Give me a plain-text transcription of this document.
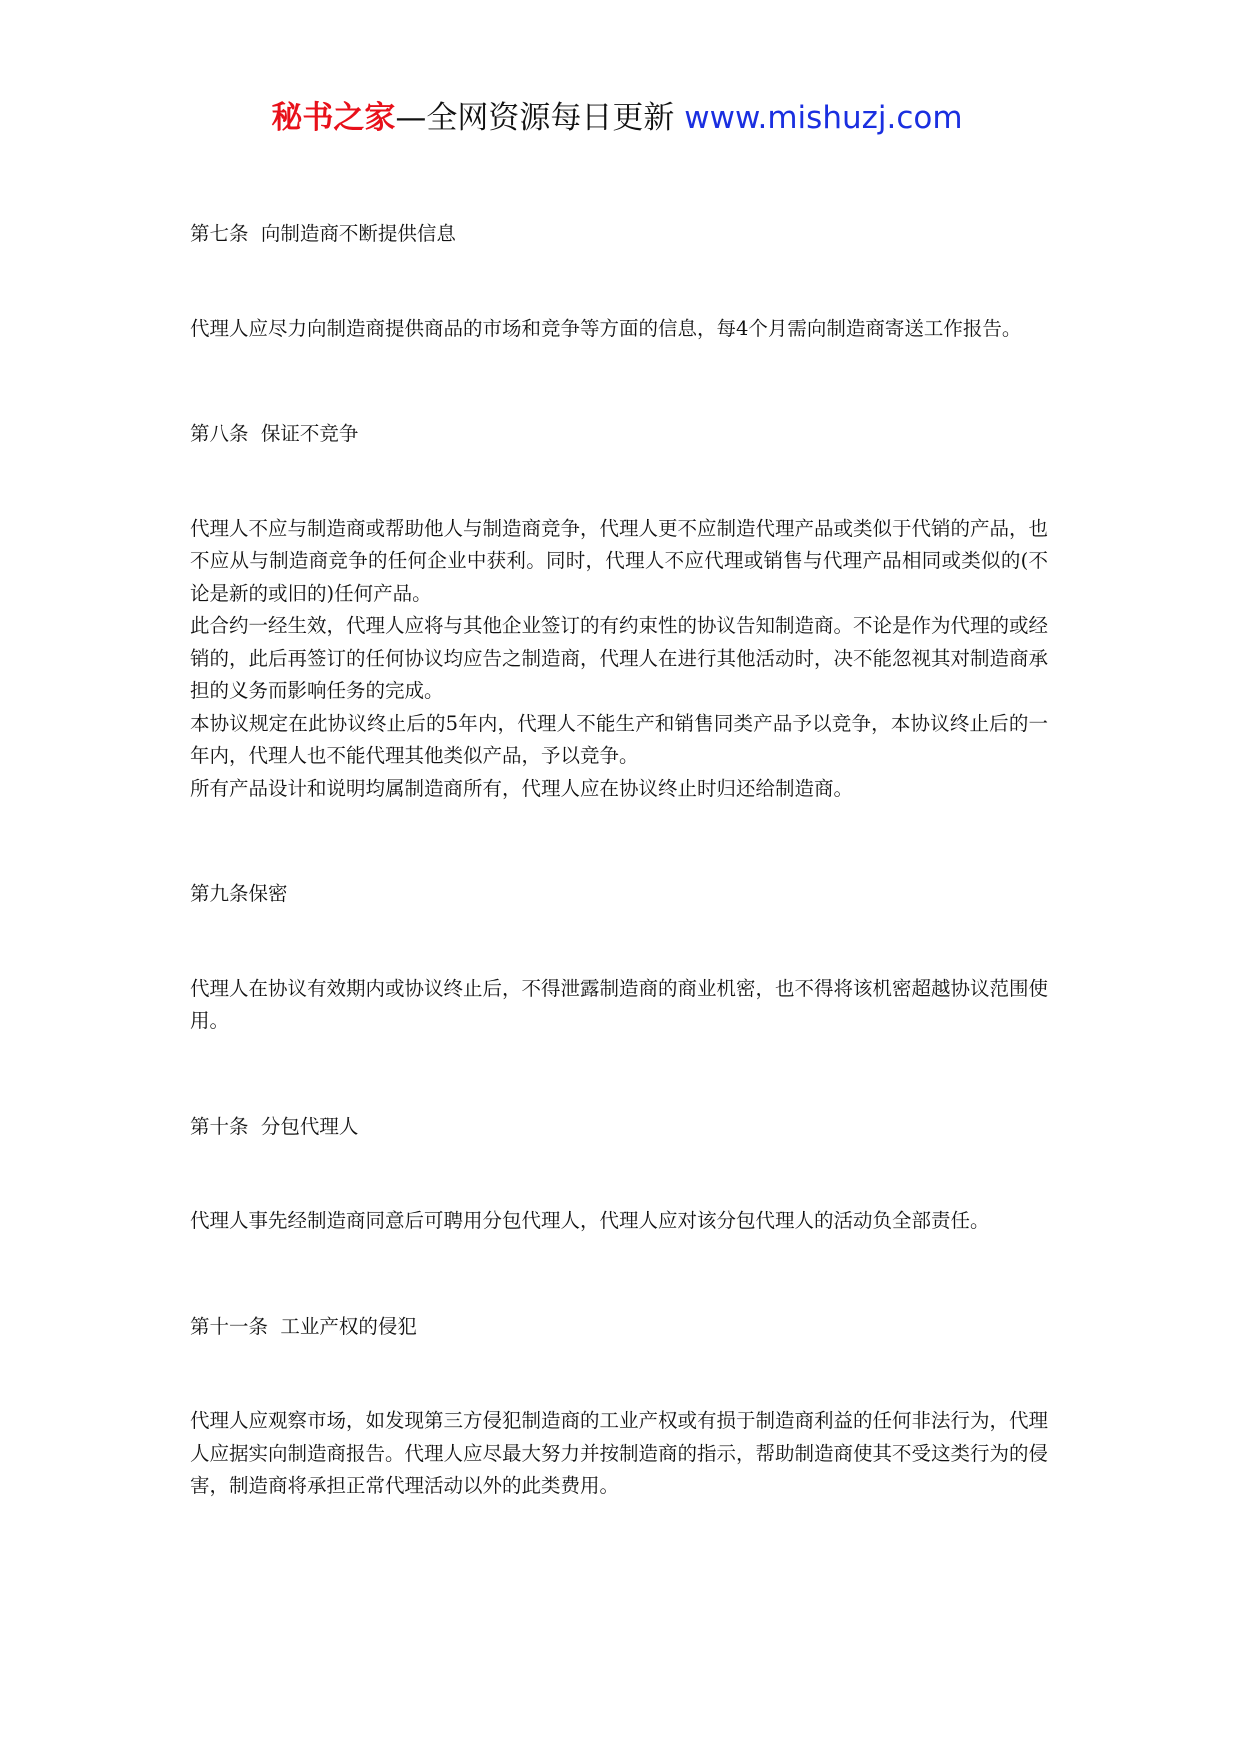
秘书之家—全网资源每日更新 www.mishuzj.com

第七条  向制造商不断提供信息

代理人应尽力向制造商提供商品的市场和竞争等方面的信息，每4个月需向制造商寄送工作报告。

第八条  保证不竞争

代理人不应与制造商或帮助他人与制造商竞争，代理人更不应制造代理产品或类似于代销的产品，也不应从与制造商竞争的任何企业中获利。同时，代理人不应代理或销售与代理产品相同或类似的(不论是新的或旧的)任何产品。

此合约一经生效，代理人应将与其他企业签订的有约束性的协议告知制造商。不论是作为代理的或经销的，此后再签订的任何协议均应告之制造商，代理人在进行其他活动时，决不能忽视其对制造商承担的义务而影响任务的完成。

本协议规定在此协议终止后的5年内，代理人不能生产和销售同类产品予以竞争，本协议终止后的一年内，代理人也不能代理其他类似产品，予以竞争。

所有产品设计和说明均属制造商所有，代理人应在协议终止时归还给制造商。

第九条保密

代理人在协议有效期内或协议终止后，不得泄露制造商的商业机密，也不得将该机密超越协议范围使用。

第十条  分包代理人

代理人事先经制造商同意后可聘用分包代理人，代理人应对该分包代理人的活动负全部责任。

第十一条  工业产权的侵犯

代理人应观察市场，如发现第三方侵犯制造商的工业产权或有损于制造商利益的任何非法行为，代理人应据实向制造商报告。代理人应尽最大努力并按制造商的指示，帮助制造商使其不受这类行为的侵害，制造商将承担正常代理活动以外的此类费用。
